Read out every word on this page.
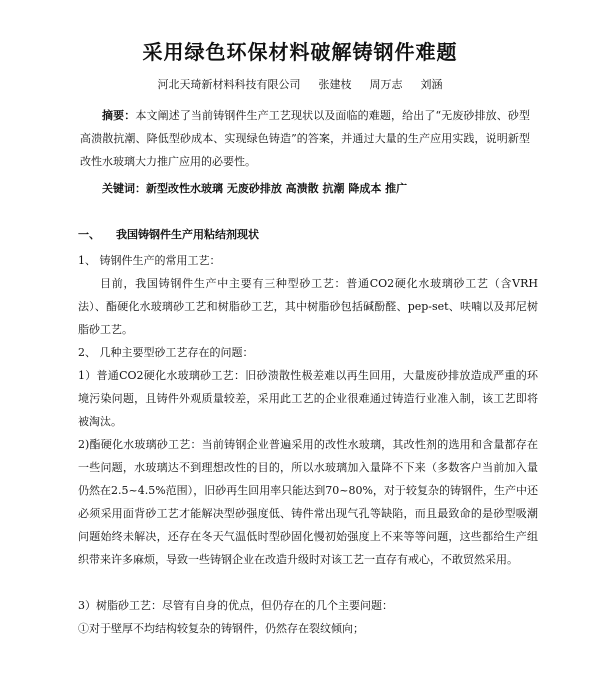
采用绿色环保材料破解铸钢件难题
河北天琦新材料科技有限公司 张建枝 周万志 刘涵

摘要：本文阐述了当前铸钢件生产工艺现状以及面临的难题，给出了“无废砂排放、砂型高溃散抗潮、降低型砂成本、实现绿色铸造”的答案，并通过大量的生产应用实践，说明新型改性水玻璃大力推广应用的必要性。

关键词：新型改性水玻璃 无废砂排放 高溃散 抗潮 降成本 推广

一、 我国铸钢件生产用粘结剂现状

1、 铸钢件生产的常用工艺：

目前，我国铸钢件生产中主要有三种型砂工艺：普通CO2硬化水玻璃砂工艺（含VRH法）、酯硬化水玻璃砂工艺和树脂砂工艺，其中树脂砂包括碱酚醛、pep-set、呋喃以及邦尼树脂砂工艺。

2、 几种主要型砂工艺存在的问题：

1）普通CO2硬化水玻璃砂工艺：旧砂溃散性极差难以再生回用，大量废砂排放造成严重的环境污染问题，且铸件外观质量较差，采用此工艺的企业很难通过铸造行业准入制，该工艺即将被淘汰。

2)酯硬化水玻璃砂工艺：当前铸钢企业普遍采用的改性水玻璃，其改性剂的选用和含量都存在一些问题，水玻璃达不到理想改性的目的，所以水玻璃加入量降不下来（多数客户当前加入量仍然在2.5~4.5%范围），旧砂再生回用率只能达到70~80%，对于较复杂的铸钢件，生产中还必须采用面背砂工艺才能解决型砂强度低、铸件常出现气孔等缺陷，而且最致命的是砂型吸潮问题始终未解决，还存在冬天气温低时型砂固化慢初始强度上不来等等问题，这些都给生产组织带来许多麻烦，导致一些铸钢企业在改造升级时对该工艺一直存有戒心，不敢贸然采用。

3）树脂砂工艺：尽管有自身的优点，但仍存在的几个主要问题：

①对于壁厚不均结构较复杂的铸钢件，仍然存在裂纹倾向；
